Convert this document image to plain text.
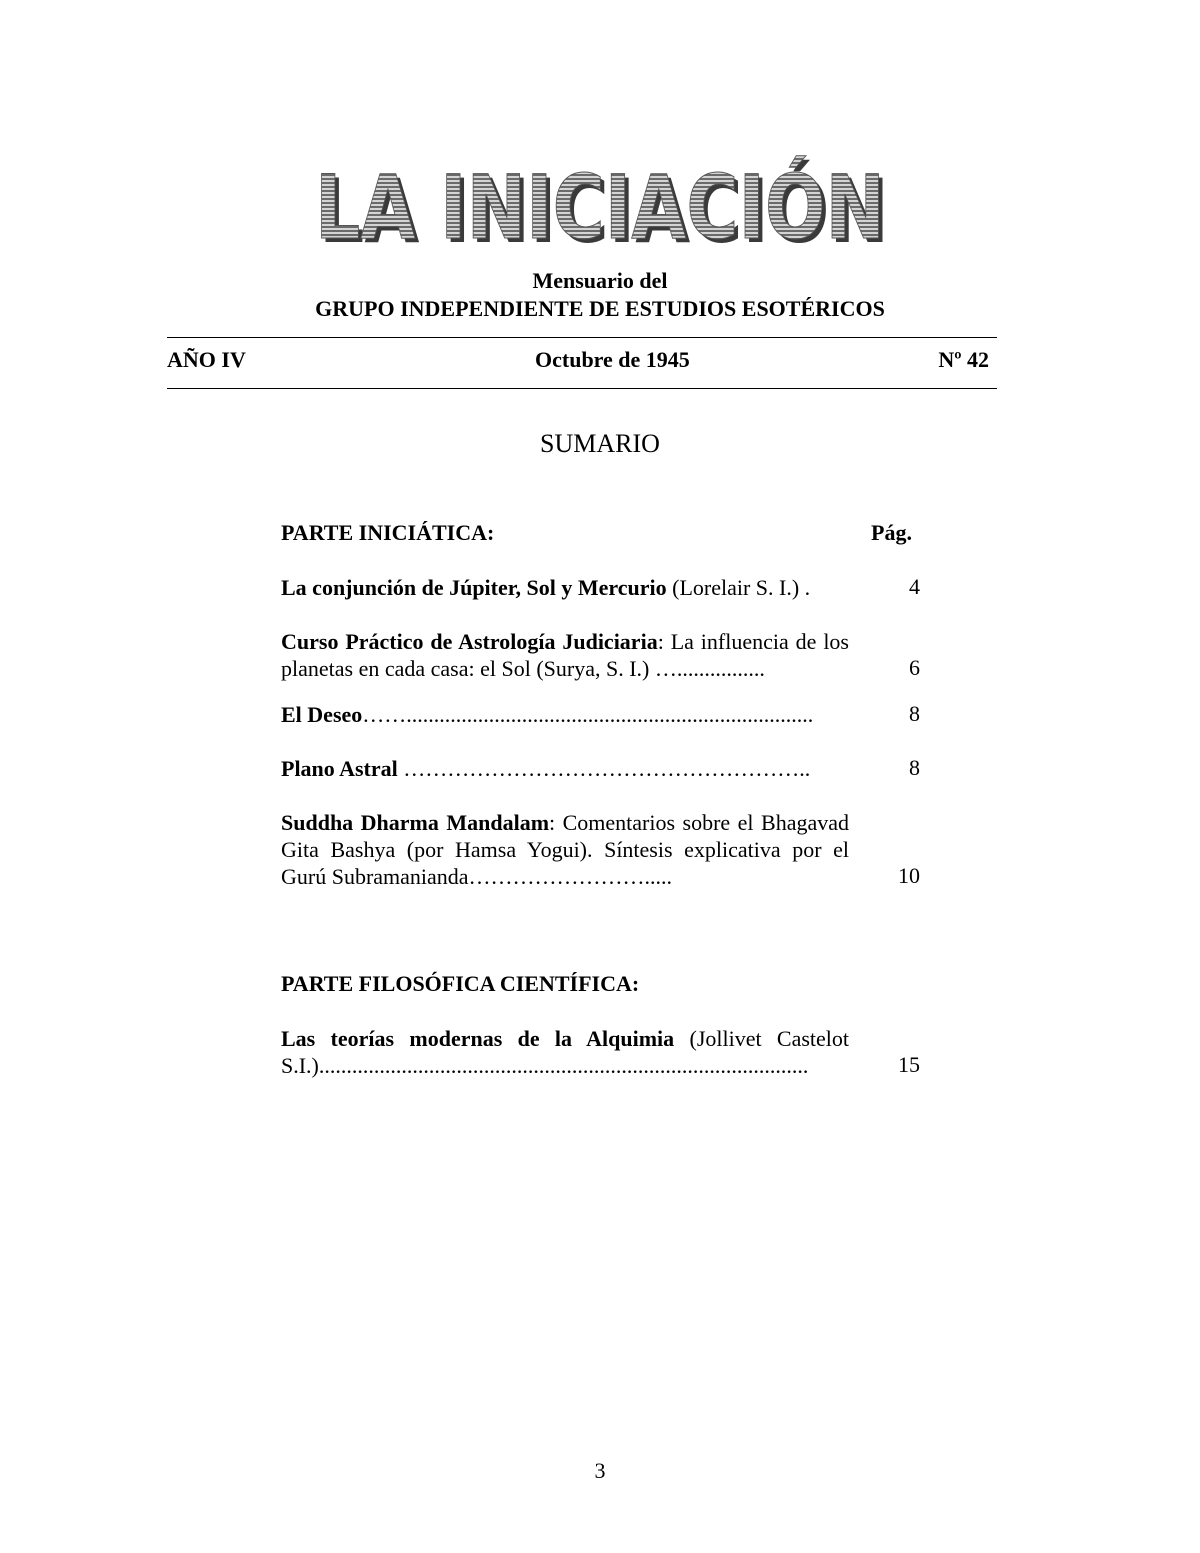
LA INICIACIÓN
LA INICIACIÓN
Mensuario del
GRUPO INDEPENDIENTE DE ESTUDIOS ESOTÉRICOS
AÑO IV	Octubre de 1945	Nº 42
SUMARIO
PARTE INICIÁTICA:	Pág.
La conjunción de Júpiter, Sol y Mercurio (Lorelair S. I.) .	4
Curso Práctico de Astrología Judiciaria: La influencia de los planetas en cada casa: el Sol (Surya, S. I.) …................	6
El Deseo……..........................................................................	8
Plano Astral ………………………………………………..	8
Suddha Dharma Mandalam: Comentarios sobre el Bhagavad Gita Bashya (por Hamsa Yogui). Síntesis explicativa por el Gurú Subramanianda…………………….....	10
PARTE FILOSÓFICA CIENTÍFICA:
Las teorías modernas de la Alquimia (Jollivet Castelot S.I.).........................................................................................	15
3
